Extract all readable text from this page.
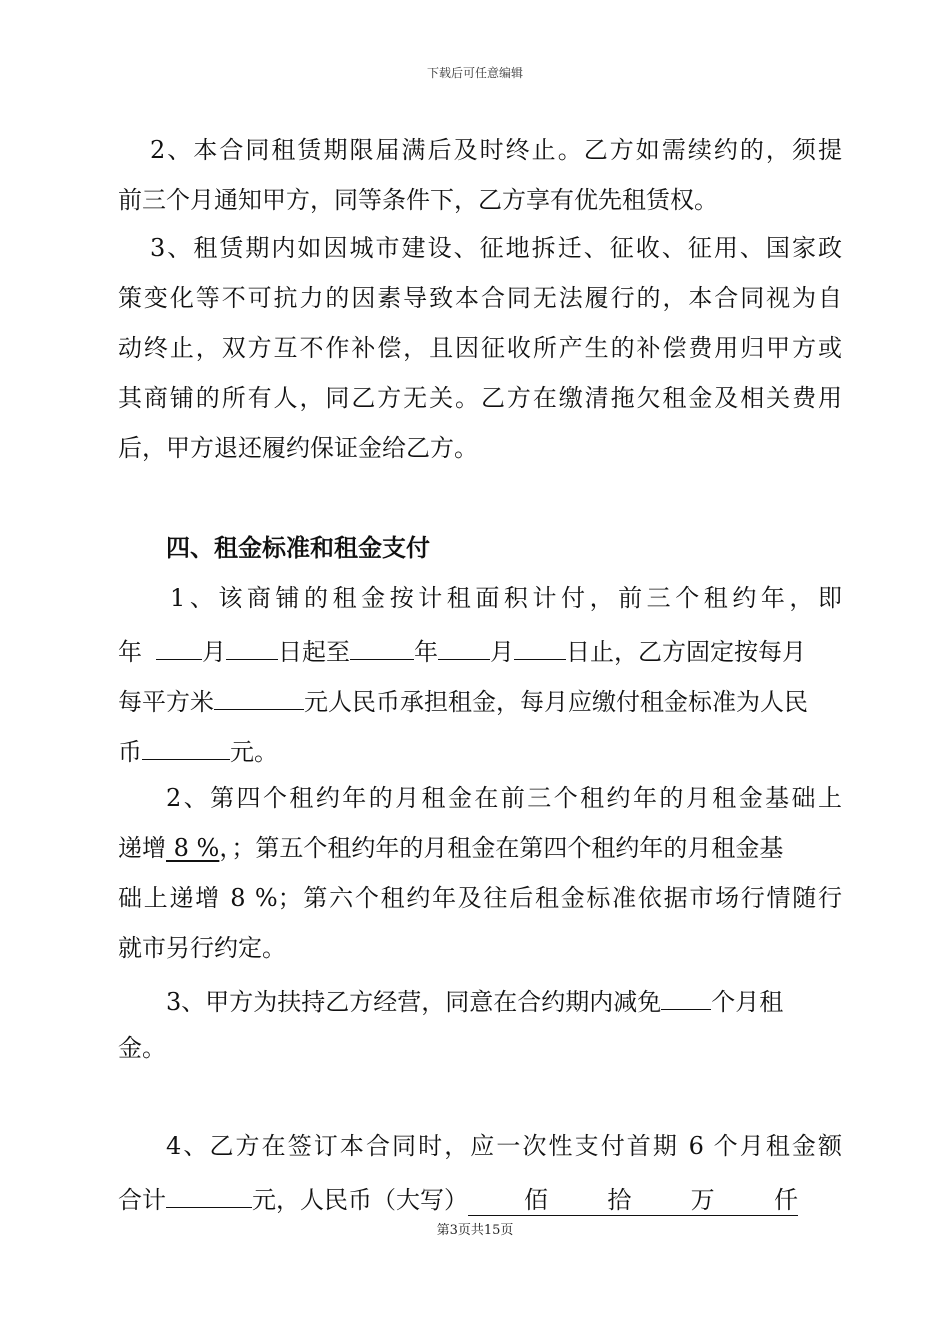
下载后可任意编辑
2、本合同租赁期限届满后及时终止。乙方如需续约的，须提
前三个月通知甲方，同等条件下，乙方享有优先租赁权。
3、租赁期内如因城市建设、征地拆迁、征收、征用、国家政
策变化等不可抗力的因素导致本合同无法履行的，本合同视为自
动终止，双方互不作补偿，且因征收所产生的补偿费用归甲方或
其商铺的所有人，同乙方无关。乙方在缴清拖欠租金及相关费用
后，甲方退还履约保证金给乙方。
四、租金标准和租金支付
1、该商铺的租金按计租面积计付，前三个租约年，即
年	月 日起至	年 月 日止，乙方固定按每月
每平方米	元人民币承担租金，每月应缴付租金标准为人民
币	元。
2、第四个租约年的月租金在前三个租约年的月租金基础上
递增 8 %，；第五个租约年的月租金在第四个租约年的月租金基
础上递增 8 %；第六个租约年及往后租金标准依据市场行情随行
就市另行约定。
3、甲方为扶持乙方经营，同意在合约期内减免 个月租
金。
4、乙方在签订本合同时，应一次性支付首期 6 个月租金额
合计	元，人民币（大写） 佰 拾 万 仟
第3页共15页
